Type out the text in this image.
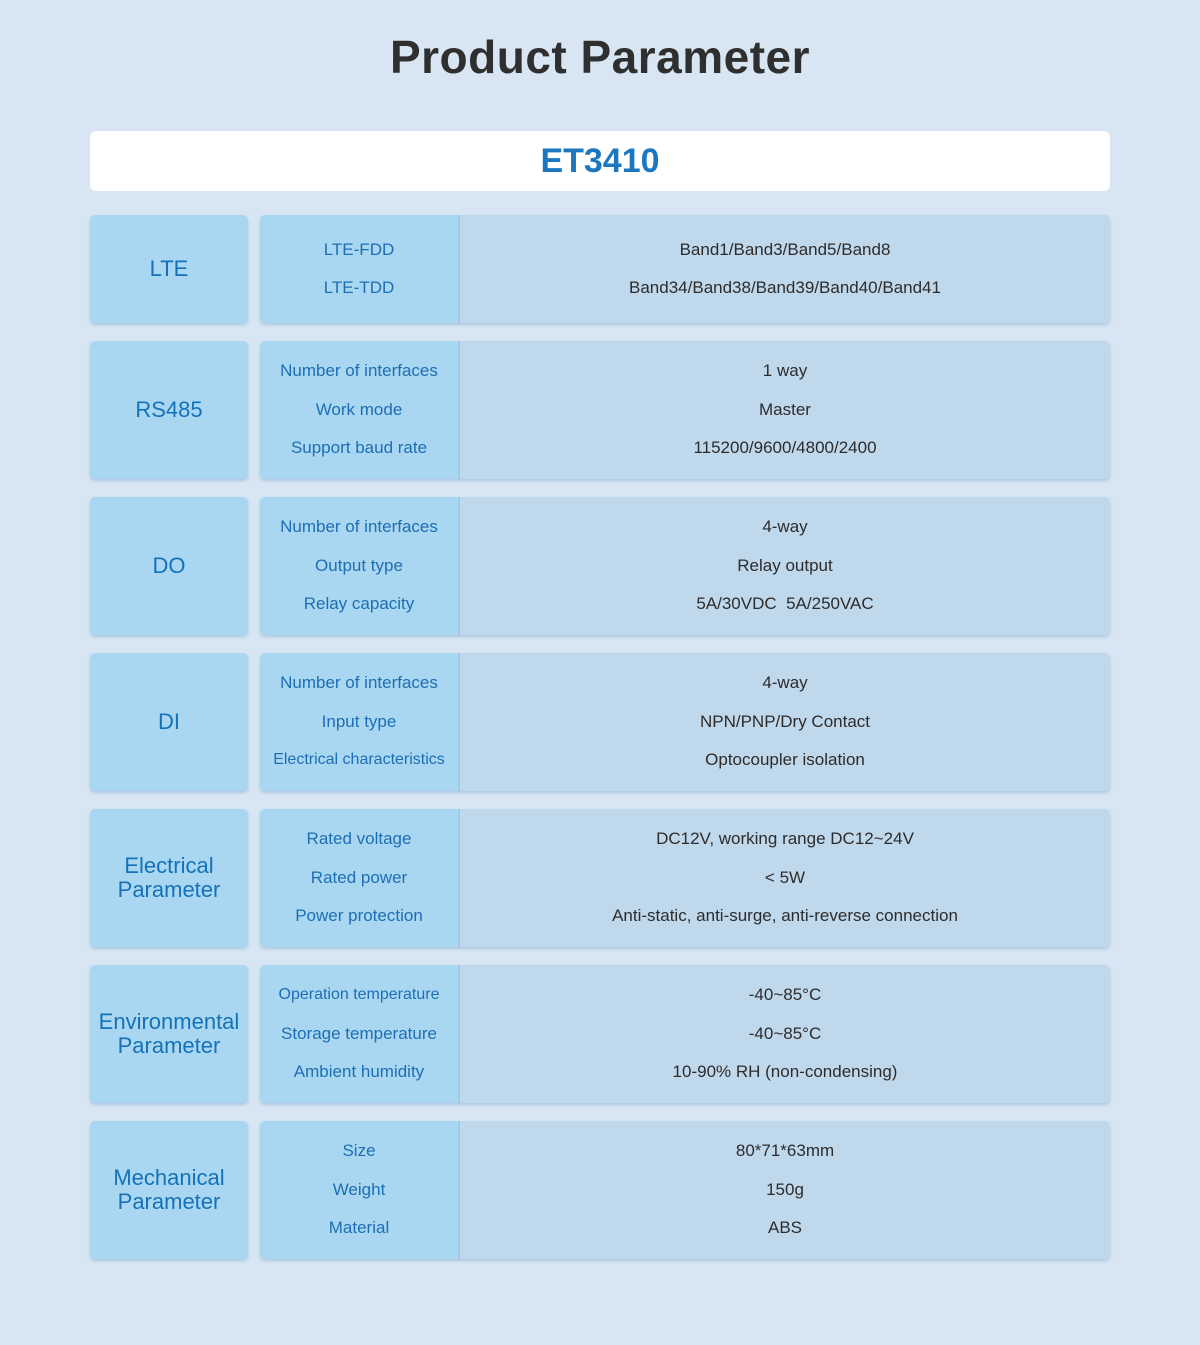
Product Parameter
ET3410
LTE
LTE-FDD
LTE-TDD
Band1/Band3/Band5/Band8
Band34/Band38/Band39/Band40/Band41
RS485
Number of interfaces
Work mode
Support baud rate
1 way
Master
115200/9600/4800/2400
DO
Number of interfaces
Output type
Relay capacity
4-way
Relay output
5A/30VDC  5A/250VAC
DI
Number of interfaces
Input type
Electrical characteristics
4-way
NPN/PNP/Dry Contact
Optocoupler isolation
Electrical
Parameter
Rated voltage
Rated power
Power protection
DC12V, working range DC12~24V
< 5W
Anti-static, anti-surge, anti-reverse connection
Environmental
Parameter
Operation temperature
Storage temperature
Ambient humidity
-40~85°C
-40~85°C
10-90% RH (non-condensing)
Mechanical
Parameter
Size
Weight
Material
80*71*63mm
150g
ABS
